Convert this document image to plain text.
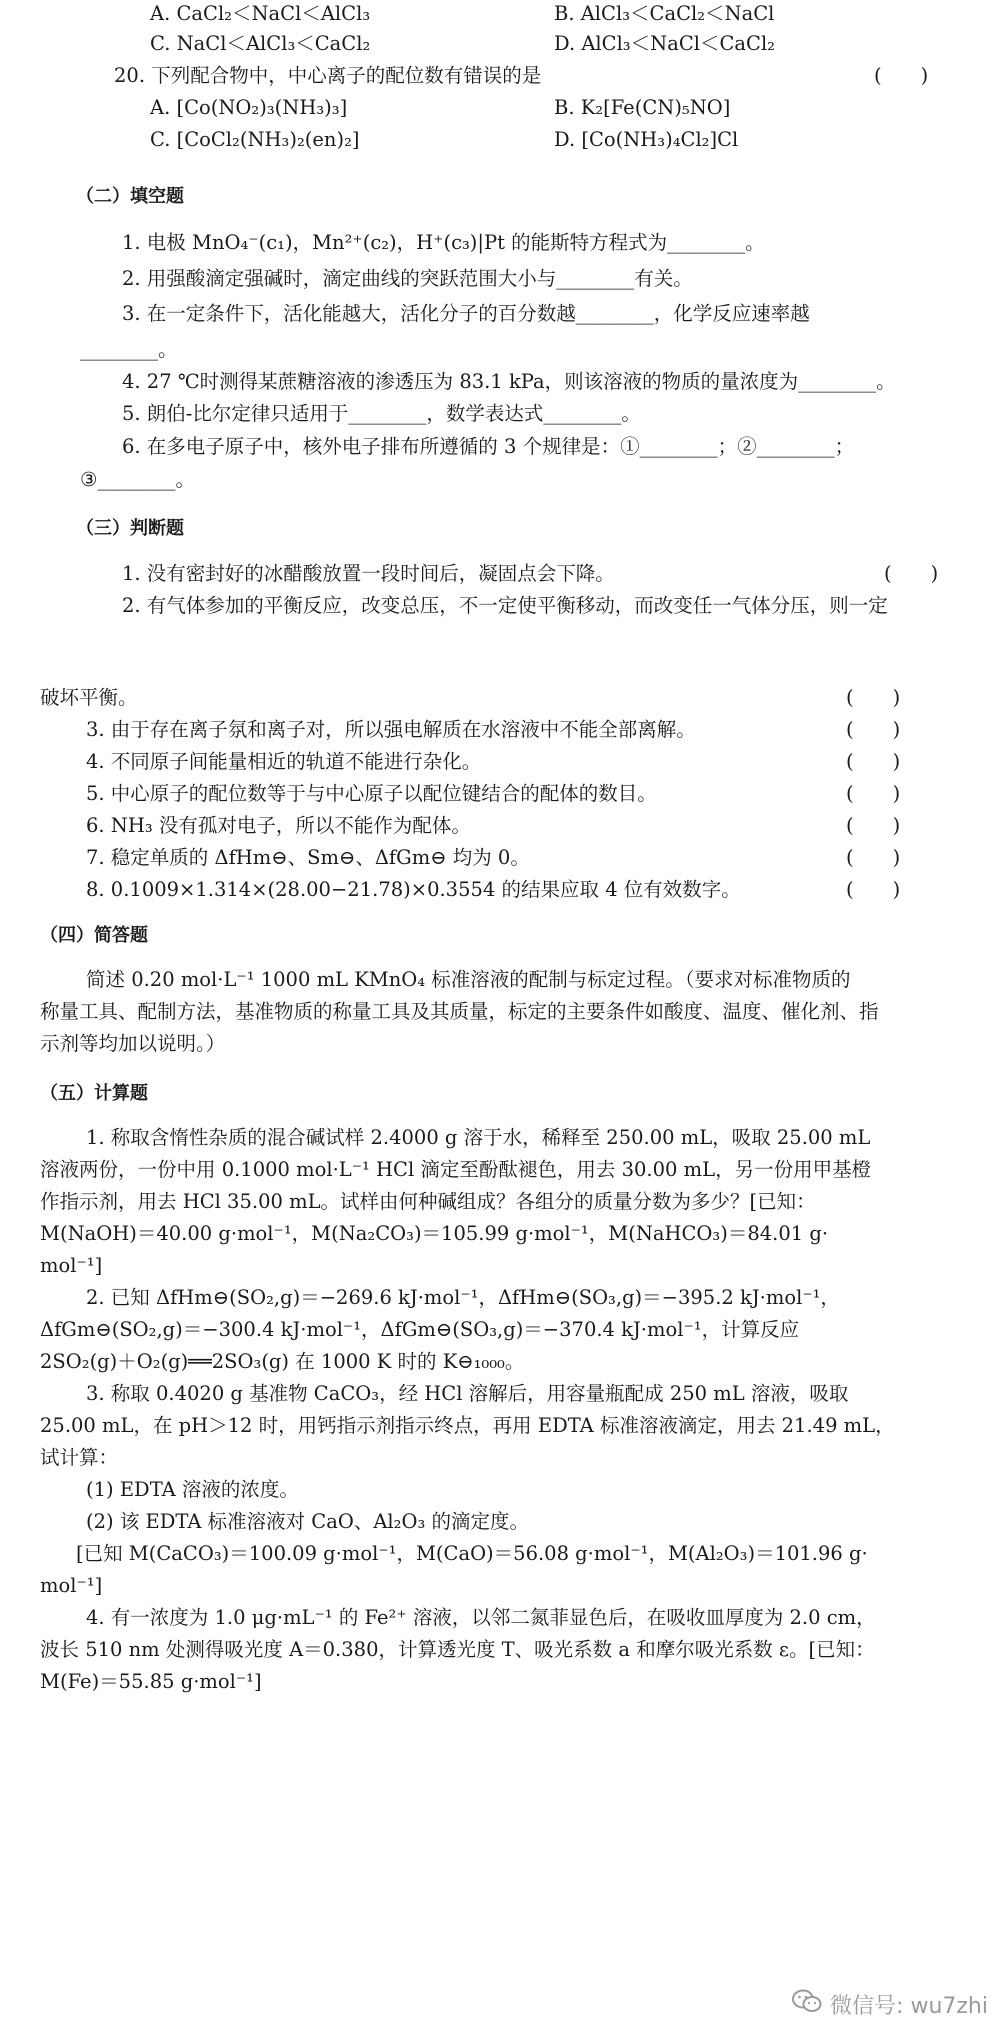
A. CaCl₂＜NaCl＜AlCl₃	B. AlCl₃＜CaCl₂＜NaCl
C. NaCl＜AlCl₃＜CaCl₂	D. AlCl₃＜NaCl＜CaCl₂
20. 下列配合物中，中心离子的配位数有错误的是	(　　)
A. [Co(NO₂)₃(NH₃)₃]	B. K₂[Fe(CN)₅NO]
C. [CoCl₂(NH₃)₂(en)₂]	D. [Co(NH₃)₄Cl₂]Cl
（二）填空题
1. 电极 MnO₄⁻(c₁)，Mn²⁺(c₂)，H⁺(c₃)|Pt 的能斯特方程式为________。
2. 用强酸滴定强碱时，滴定曲线的突跃范围大小与________有关。
3. 在一定条件下，活化能越大，活化分子的百分数越________，化学反应速率越
________。
4. 27 ℃时测得某蔗糖溶液的渗透压为 83.1 kPa，则该溶液的物质的量浓度为________。
5. 朗伯-比尔定律只适用于________，数学表达式________。
6. 在多电子原子中，核外电子排布所遵循的 3 个规律是：①________；②________；
③________。
（三）判断题
1. 没有密封好的冰醋酸放置一段时间后，凝固点会下降。	(　　)
2. 有气体参加的平衡反应，改变总压，不一定使平衡移动，而改变任一气体分压，则一定
破坏平衡。	(　　)
3. 由于存在离子氛和离子对，所以强电解质在水溶液中不能全部离解。	(　　)
4. 不同原子间能量相近的轨道不能进行杂化。	(　　)
5. 中心原子的配位数等于与中心原子以配位键结合的配体的数目。	(　　)
6. NH₃ 没有孤对电子，所以不能作为配体。	(　　)
7. 稳定单质的 ΔfHm⊖、Sm⊖、ΔfGm⊖ 均为 0。	(　　)
8. 0.1009×1.314×(28.00−21.78)×0.3554 的结果应取 4 位有效数字。	(　　)
（四）简答题
简述 0.20 mol·L⁻¹ 1000 mL KMnO₄ 标准溶液的配制与标定过程。（要求对标准物质的
称量工具、配制方法，基准物质的称量工具及其质量，标定的主要条件如酸度、温度、催化剂、指
示剂等均加以说明。）
（五）计算题
1. 称取含惰性杂质的混合碱试样 2.4000 g 溶于水，稀释至 250.00 mL，吸取 25.00 mL
溶液两份，一份中用 0.1000 mol·L⁻¹ HCl 滴定至酚酞褪色，用去 30.00 mL，另一份用甲基橙
作指示剂，用去 HCl 35.00 mL。试样由何种碱组成？各组分的质量分数为多少？[已知：
M(NaOH)＝40.00 g·mol⁻¹，M(Na₂CO₃)＝105.99 g·mol⁻¹，M(NaHCO₃)＝84.01 g·
mol⁻¹]
2. 已知 ΔfHm⊖(SO₂,g)＝−269.6 kJ·mol⁻¹，ΔfHm⊖(SO₃,g)＝−395.2 kJ·mol⁻¹，
ΔfGm⊖(SO₂,g)＝−300.4 kJ·mol⁻¹，ΔfGm⊖(SO₃,g)＝−370.4 kJ·mol⁻¹，计算反应
2SO₂(g)＋O₂(g)══2SO₃(g) 在 1000 K 时的 K⊖₁₀₀₀。
3. 称取 0.4020 g 基准物 CaCO₃，经 HCl 溶解后，用容量瓶配成 250 mL 溶液，吸取
25.00 mL，在 pH＞12 时，用钙指示剂指示终点，再用 EDTA 标准溶液滴定，用去 21.49 mL，
试计算：
(1) EDTA 溶液的浓度。
(2) 该 EDTA 标准溶液对 CaO、Al₂O₃ 的滴定度。
[已知 M(CaCO₃)＝100.09 g·mol⁻¹，M(CaO)＝56.08 g·mol⁻¹，M(Al₂O₃)＝101.96 g·
mol⁻¹]
4. 有一浓度为 1.0 μg·mL⁻¹ 的 Fe²⁺ 溶液，以邻二氮菲显色后，在吸收皿厚度为 2.0 cm，
波长 510 nm 处测得吸光度 A＝0.380，计算透光度 T、吸光系数 a 和摩尔吸光系数 ε。[已知：
M(Fe)＝55.85 g·mol⁻¹]
微信号: wu7zhi
